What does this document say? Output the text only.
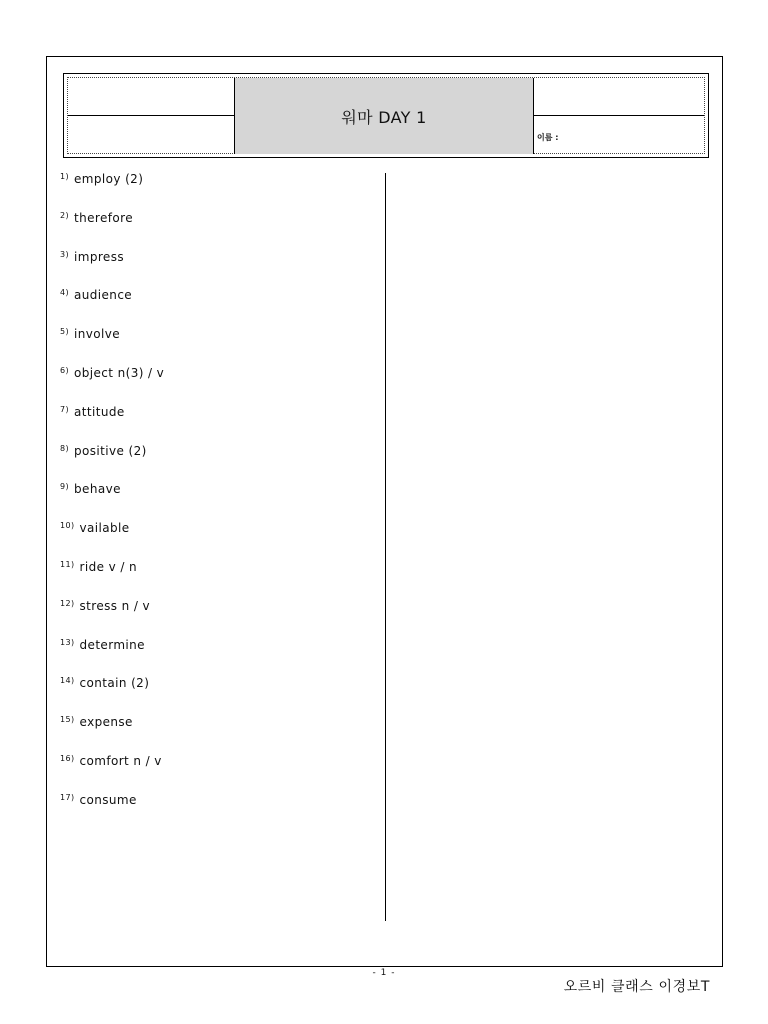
워마 DAY 1
이름 :
$^{1)}$ employ (2)
$^{2)}$ therefore
$^{3)}$ impress
$^{4)}$ audience
$^{5)}$ involve
$^{6)}$ object n(3) / v
$^{7)}$ attitude
$^{8)}$ positive (2)
$^{9)}$ behave
$^{10)}$ vailable
$^{11)}$ ride v / n
$^{12)}$ stress n / v
$^{13)}$ determine
$^{14)}$ contain (2)
$^{15)}$ expense
$^{16)}$ comfort n / v
$^{17)}$ consume
- 1 -
오르비 클래스 이경보T
